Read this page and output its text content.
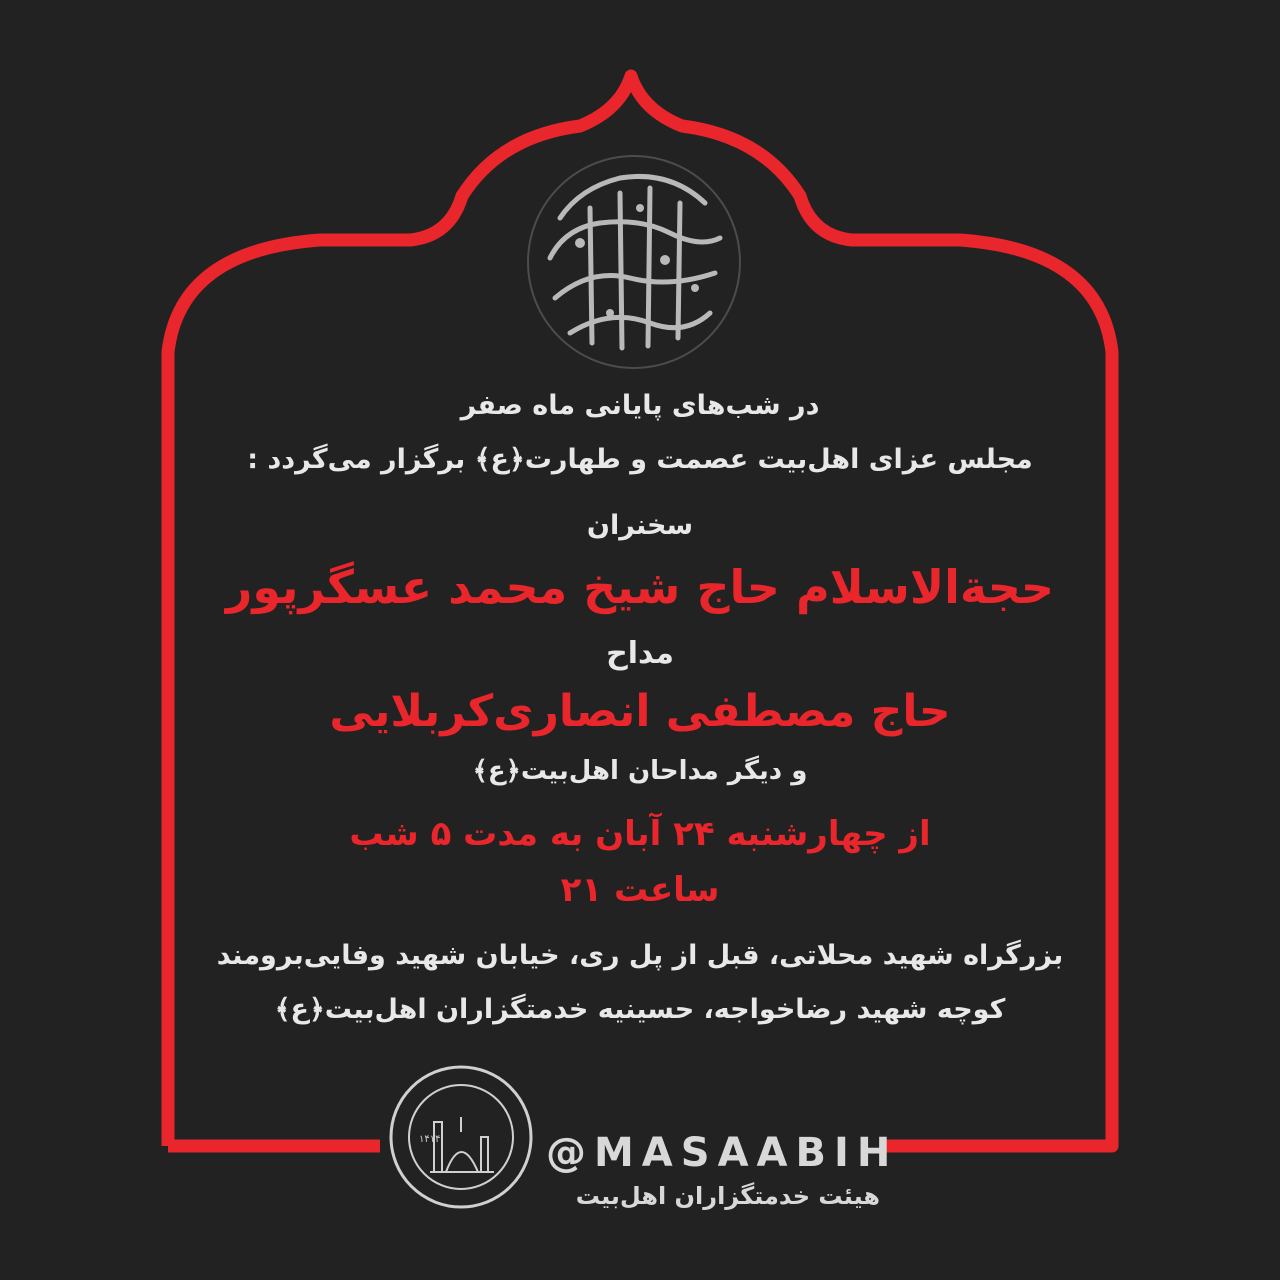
در شب‌های پایانی ماه صفر
مجلس عزای اهل‌بیت عصمت و طهارت﴿ع﴾ برگزار می‌گردد :
سخنران
حجة‌الاسلام حاج شیخ محمد عسگرپور
مداح
حاج مصطفی انصاری‌کربلایی
و دیگر مداحان اهل‌بیت﴿ع﴾
از چهارشنبه ۲۴ آبان به مدت ۵ شب
ساعت ۲۱
بزرگراه شهید محلاتی، قبل از پل ری، خیابان شهید وفایی‌برومند
کوچه شهید رضاخواجه، حسینیه خدمتگزاران اهل‌بیت﴿ع﴾
۱۴۱۴	@MASAABIH
هیئت خدمتگزاران اهل‌بیت
